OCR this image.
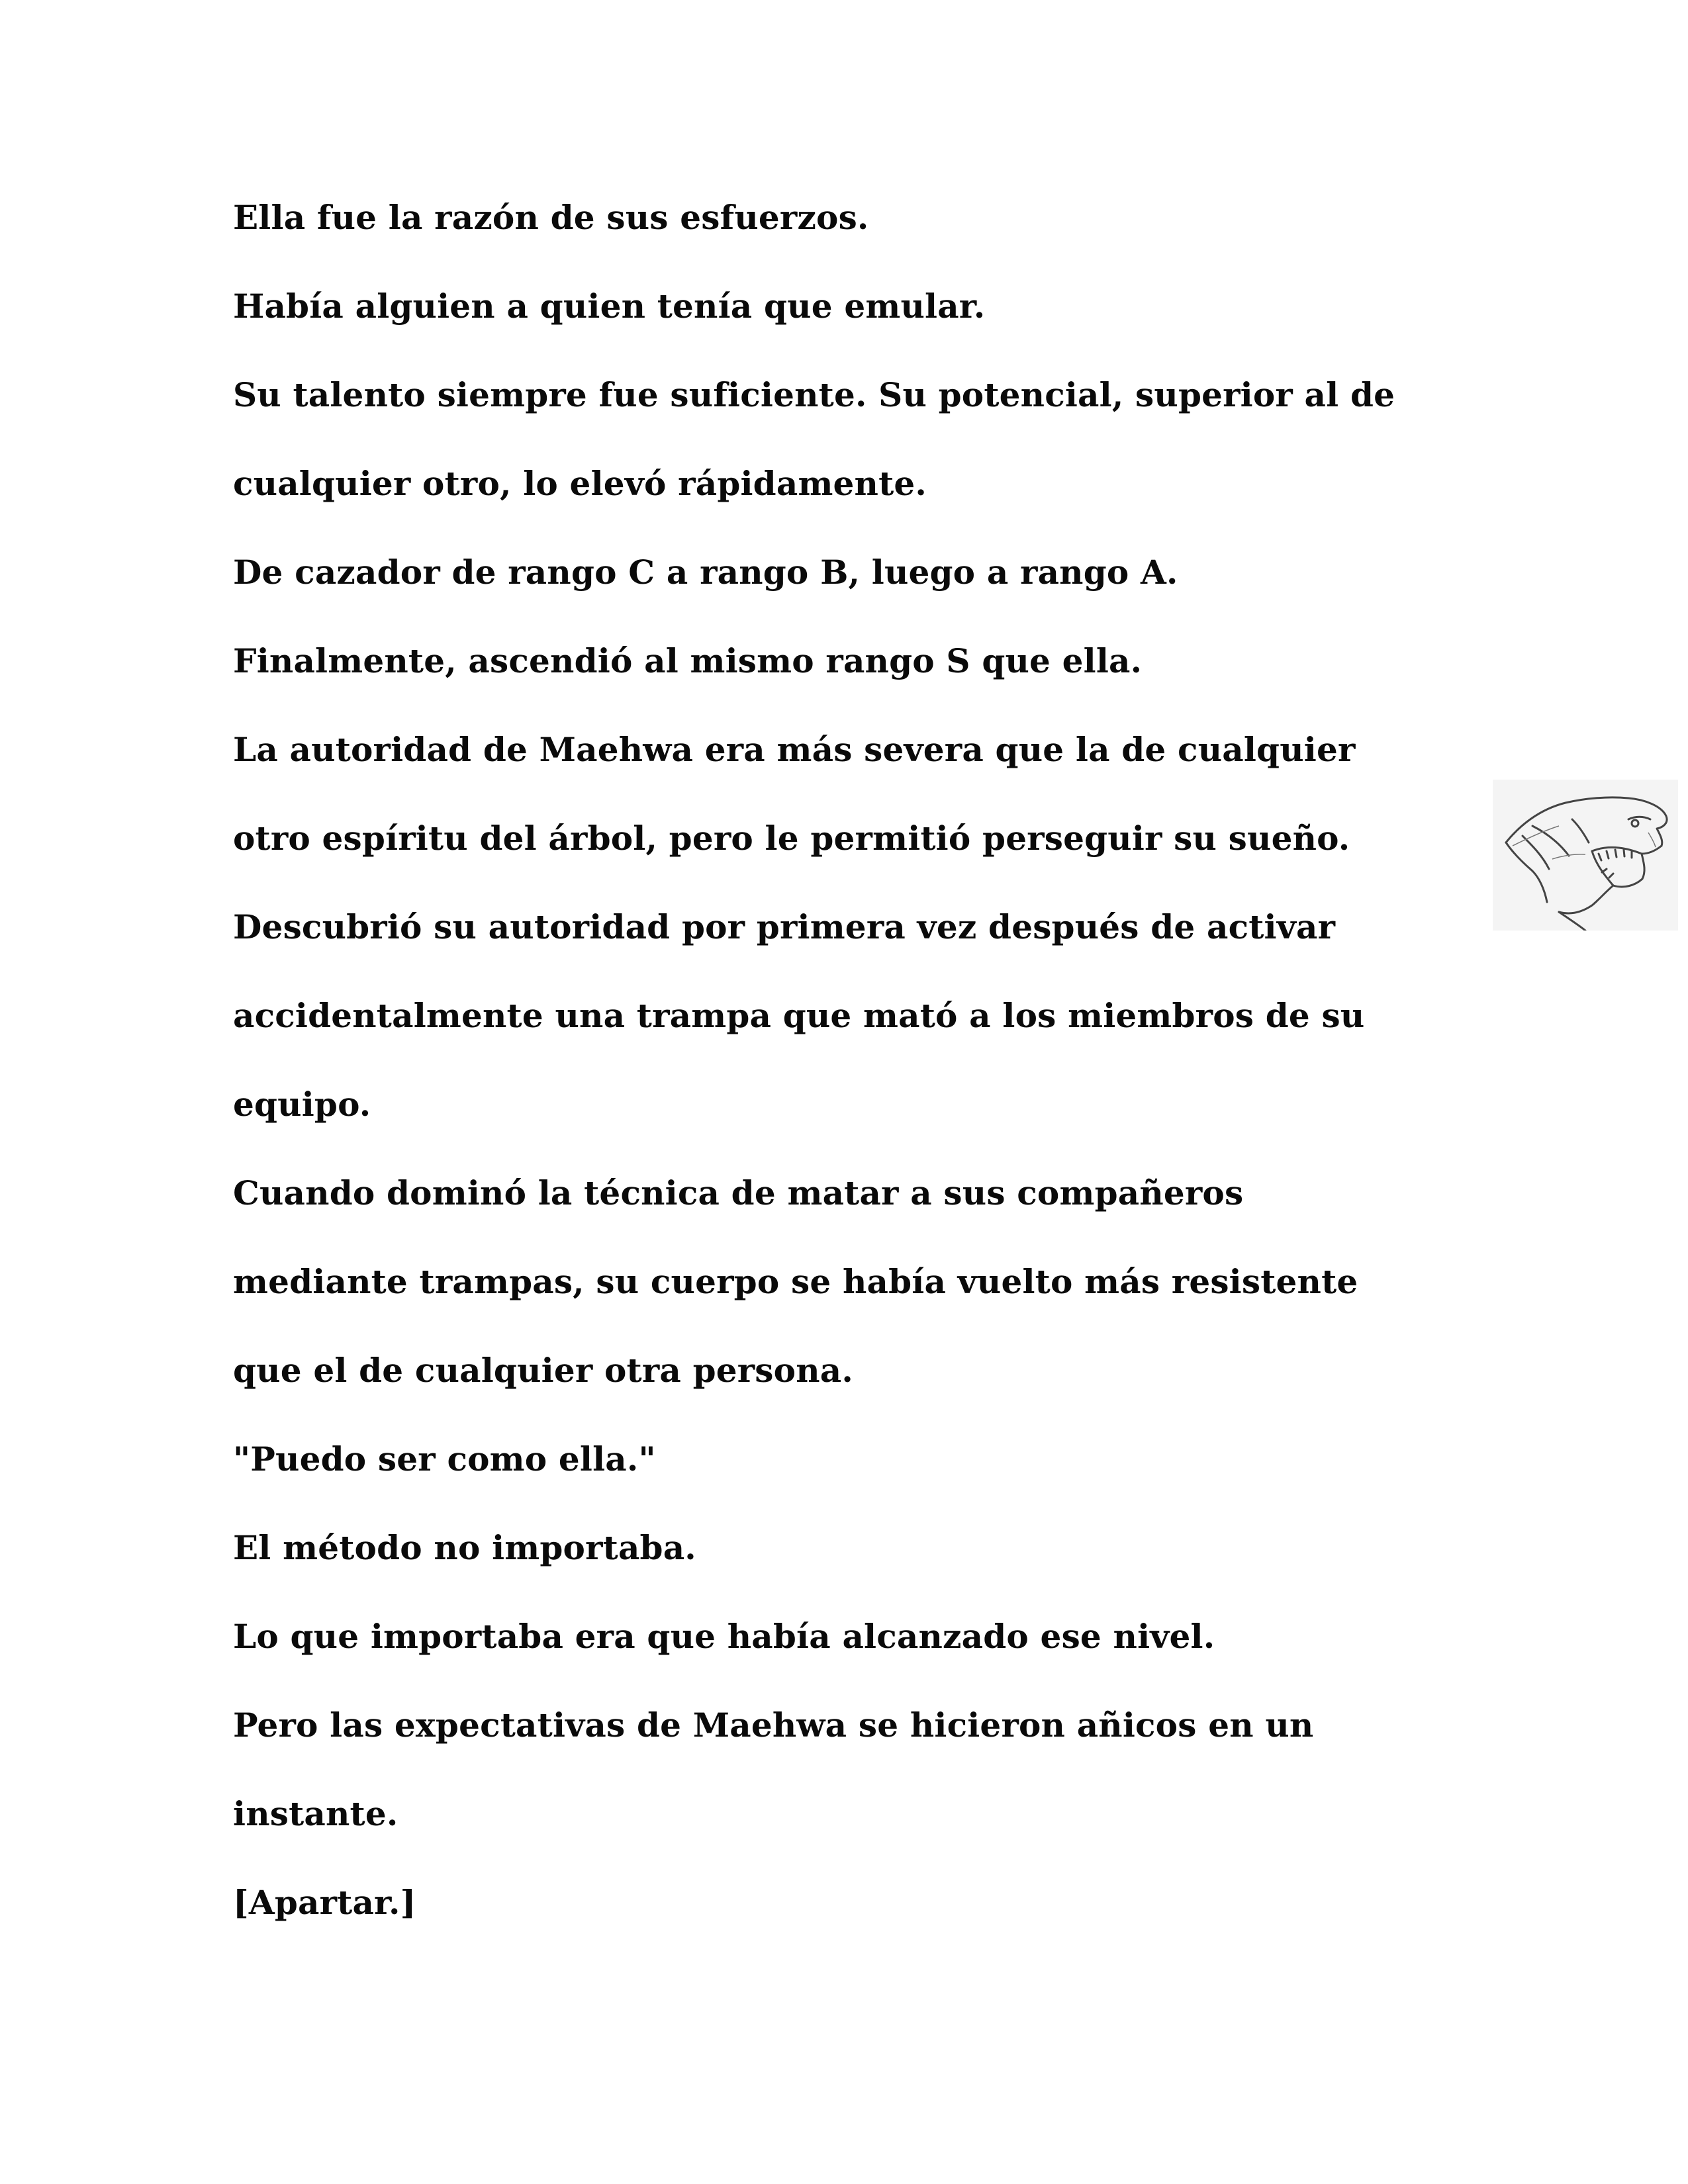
Ella fue la razón de sus esfuerzos.
Había alguien a quien tenía que emular.
Su talento siempre fue suficiente. Su potencial, superior al de
cualquier otro, lo elevó rápidamente.
De cazador de rango C a rango B, luego a rango A.
Finalmente, ascendió al mismo rango S que ella.
La autoridad de Maehwa era más severa que la de cualquier
otro espíritu del árbol, pero le permitió perseguir su sueño.
Descubrió su autoridad por primera vez después de activar
accidentalmente una trampa que mató a los miembros de su
equipo.
Cuando dominó la técnica de matar a sus compañeros
mediante trampas, su cuerpo se había vuelto más resistente
que el de cualquier otra persona.
"Puedo ser como ella."
El método no importaba.
Lo que importaba era que había alcanzado ese nivel.
Pero las expectativas de Maehwa se hicieron añicos en un
instante.
[Apartar.]
